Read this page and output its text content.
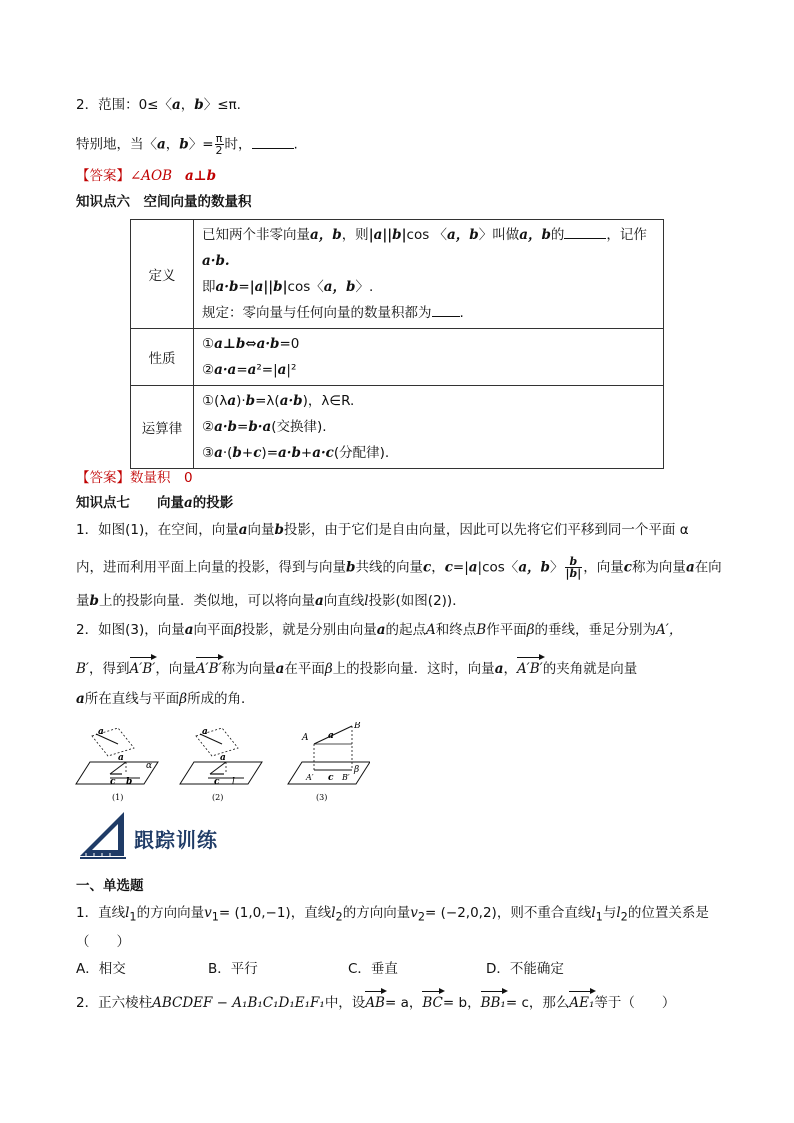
2．范围：0≤〈a，b〉≤π.
特别地，当〈a，b〉= $\frac{\pi}{2}$ 时，	.
【答案】∠AOB a⊥b
知识点六　空间向量的数量积
定义	已知两个非零向量a，b，则|a||b|cos 〈a，b〉叫做a，b的 ，记作
a·b.
即a·b=|a||b|cos〈a，b〉.
规定：零向量与任何向量的数量积都为 .

性质	①a⊥b⇔a·b=0
②a·a=a²=|a|²

运算律	①(λa)·b=λ(a·b)，λ∈R.
②a·b=b·a(交换律).
③a·(b+c)=a·b+a·c(分配律).
【答案】数量积　0
知识点七　　向量a的投影
1．如图(1)，在空间，向量a向量b投影，由于它们是自由向量，因此可以先将它们平移到同一个平面 α
内，进而利用平面上向量的投影，得到与向量b共线的向量c，c=|a|cos〈a，b〉 $\frac{b}{|b|}$ ，向量c称为向量a在向
量b上的投影向量．类似地，可以将向量a向直线l投影(如图(2))．
2．如图(3)，向量a向平面β投影，就是分别由向量a的起点A和终点B作平面β的垂线，垂足分别为A′，
B′，得到A′B′，向量A′B′称为向量a在平面β上的投影向量．这时，向量a，A′B′的夹角就是向量
a所在直线与平面β所成的角．
a
a
α
c b
(1)
a
a
c l
(2)
A
B
a
A′ c B′
β
(3)
跟踪训练
一、单选题
1．直线$l_1$的方向向量$v_1= (1,0,-1)$，直线$l_2$的方向向量$v_2= (-2,0,2)$，则不重合直线$l_1$与$l_2$的位置关系是
（　　）
A．相交	B．平行	C．垂直	D．不能确定
2．正六棱柱ABCDEF − A₁B₁C₁D₁E₁F₁中，设AB= a，BC= b，BB₁= c，那么AE₁等于（　　）
